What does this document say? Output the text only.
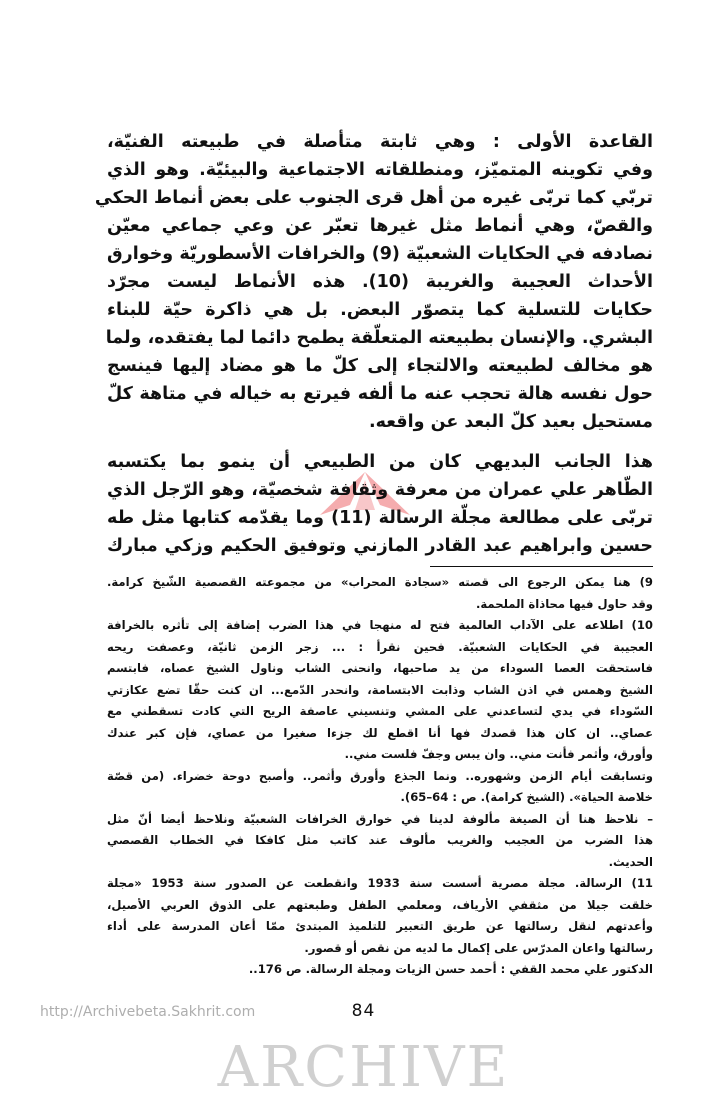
القاعدة الأولى : وهي ثابتة متأصلة في طبيعته الفنيّة،
وفي تكوينه المتميّز، ومنطلقاته الاجتماعية والبيئيّة. وهو الذي
تربّي كما تربّى غيره من أهل قرى الجنوب على بعض أنماط الحكي
والقصّ، وهي أنماط مثل غيرها تعبّر عن وعي جماعي معيّن
نصادفه في الحكايات الشعبيّة (9) والخرافات الأسطوريّة وخوارق
الأحداث العجيبة والغريبة (10). هذه الأنماط ليست مجرّد
حكايات للتسلية كما يتصوّر البعض. بل هي ذاكرة حيّة للبناء
البشري. والإنسان بطبيعته المتعلّقة يطمح دائما لما يفتقده، ولما
هو مخالف لطبيعته والالتجاء إلى كلّ ما هو مضاد إليها فينسج
حول نفسه هالة تحجب عنه ما ألفه فيرتع به خياله في متاهة كلّ
مستحيل بعيد كلّ البعد عن واقعه.
هذا الجانب البديهي كان من الطبيعي أن ينمو بما يكتسبه
الطّاهر علي عمران من معرفة وثقافة شخصيّة، وهو الرّجل الذي
تربّى على مطالعة مجلّة الرسالة (11) وما يقدّمه كتابها مثل طه
حسين وابراهيم عبد القادر المازني وتوفيق الحكيم وزكي مبارك
9) هنا يمكن الرجوع الى قصته «سجادة المحراب» من مجموعته القصصية الشّيخ كرامة.
وقد حاول فيها محاذاة الملحمة.
10) اطلاعه على الآداب العالمية فتح له منهجا في هذا الضرب إضافة إلى تأثره بالخرافة
العجيبة في الحكايات الشعبيّة. فحين نقرأ : ... زجر الزمن ثانيّة، وعصفت ريحه
فاستحقت العصا السوداء من يد صاحبها، وانحنى الشاب وناول الشيخ عصاه، فابتسم
الشيخ وهمس في اذن الشاب وذابت الابتسامة، وانحدر الدّمع... ان كنت حقّا تضع عكازتي
السّوداء في يدي لتساعدني على المشي وتنسيني عاصفة الريح التي كادت تسقطني مع
عصاي.. ان كان هذا قصدك فها أنا اقطع لك جزءا صغيرا من عصاي، فإن كبر عندك
وأورق، وأثمر فأنت مني.. وان يبس وجفّ فلست مني..
وتسابقت أيام الزمن وشهوره.. ونما الجذع وأورق وأثمر.. وأصبح دوحة خضراء. (من قصّة
خلاصة الحياة». (الشيخ كرامة). ص : 64–65).
– نلاحظ هنا أن الصيغة مألوفة لدينا في خوارق الخرافات الشعبيّة ونلاحظ أيضا أنّ مثل
هذا الضرب من العجيب والغريب مألوف عند كاتب مثل كافكا في الخطاب القصصي
الحديث.
11) الرسالة. مجلة مصرية أسست سنة 1933 وانقطعت عن الصدور سنة 1953 «مجلة
خلقت جيلا من مثقفي الأرياف، ومعلمي الطفل وطبعتهم على الذوق العربي الأصيل،
وأعدتهم لنقل رسالتها عن طريق التعبير للتلميذ المبتدئ ممّا أعان المدرسة على أداء
رسالتها واعان المدرّس على إكمال ما لديه من نقص أو قصور.
الدكتور علي محمد القفي : أحمد حسن الزيات ومجلة الرسالة. ص 176..
84
http://Archivebeta.Sakhrit.com
ARCHIVE
